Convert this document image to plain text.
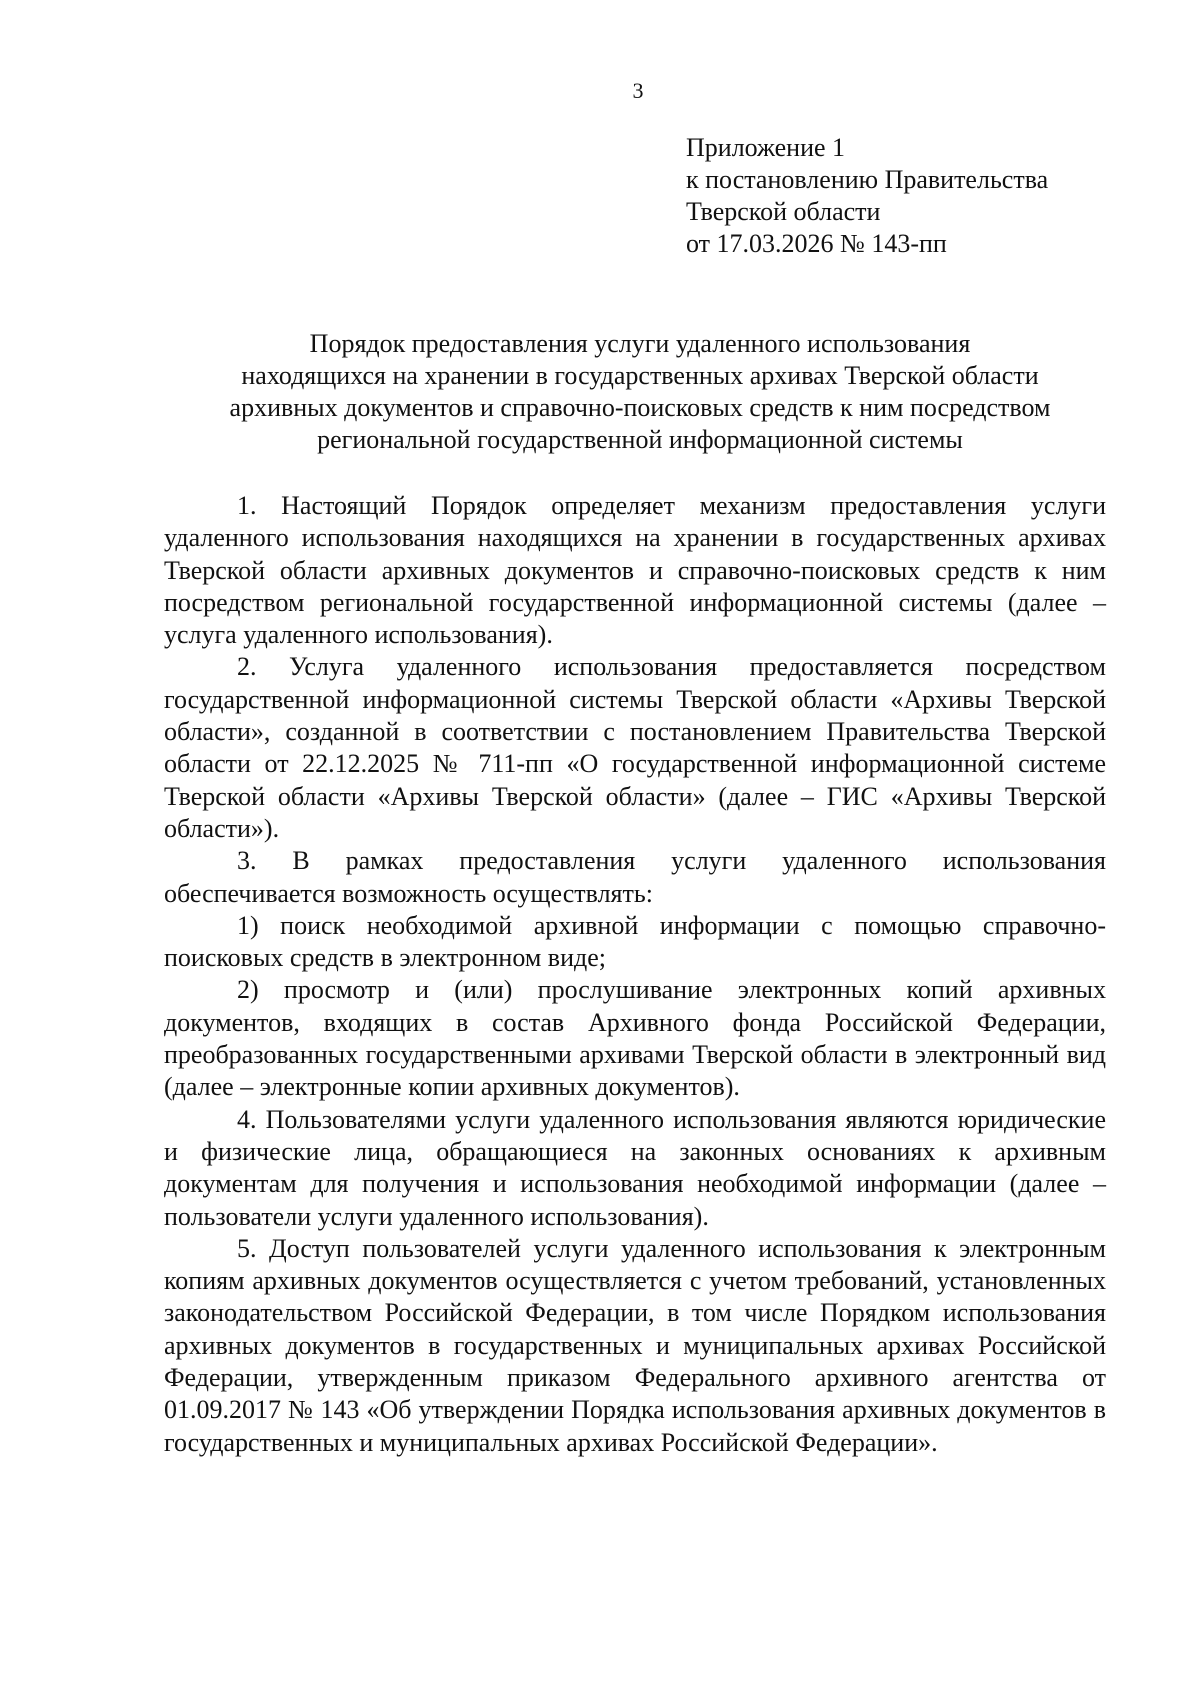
3
Приложение 1
к постановлению Правительства
Тверской области
от 17.03.2026 № 143-пп
Порядок предоставления услуги удаленного использования
находящихся на хранении в государственных архивах Тверской области
архивных документов и справочно-поисковых средств к ним посредством
региональной государственной информационной системы

1. Настоящий Порядок определяет механизм предоставления услуги удаленного использования находящихся на хранении в государственных архивах Тверской области архивных документов и справочно-поисковых средств к ним посредством региональной государственной информационной системы (далее – услуга удаленного использования).

2. Услуга удаленного использования предоставляется посредством государственной информационной системы Тверской области «Архивы Тверской области», созданной в соответствии с постановлением Правительства Тверской области от 22.12.2025 № 711-пп «О государственной информационной системе Тверской области «Архивы Тверской области» (далее – ГИС «Архивы Тверской области»).

3. В рамках предоставления услуги удаленного использования обеспечивается возможность осуществлять:

1) поиск необходимой архивной информации с помощью справочно-поисковых средств в электронном виде;

2) просмотр и (или) прослушивание электронных копий архивных документов, входящих в состав Архивного фонда Российской Федерации, преобразованных государственными архивами Тверской области в электронный вид (далее – электронные копии архивных документов).

4. Пользователями услуги удаленного использования являются юридические и физические лица, обращающиеся на законных основаниях к архивным документам для получения и использования необходимой информации (далее – пользователи услуги удаленного использования).

5. Доступ пользователей услуги удаленного использования к электронным копиям архивных документов осуществляется с учетом требований, установленных законодательством Российской Федерации, в том числе Порядком использования архивных документов в государственных и муниципальных архивах Российской Федерации, утвержденным приказом Федерального архивного агентства от 01.09.2017 № 143 «Об утверждении Порядка использования архивных документов в государственных и муниципальных архивах Российской Федерации».
